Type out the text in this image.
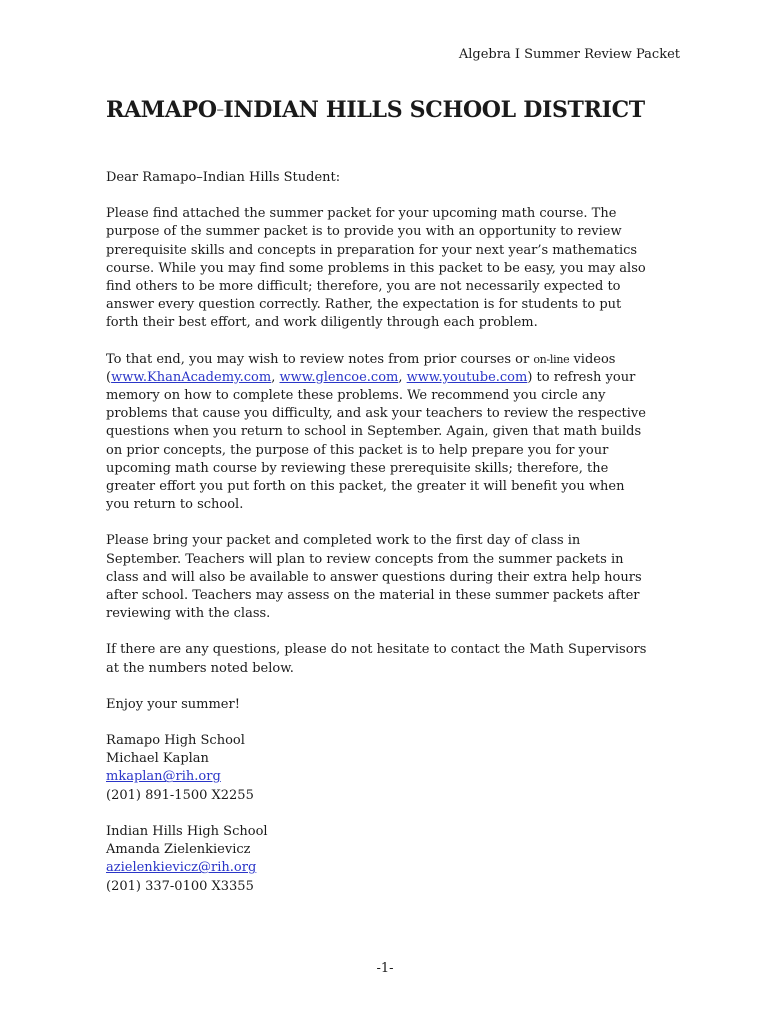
Algebra I Summer Review Packet
RAMAPO—INDIAN HILLS SCHOOL DISTRICT

Dear Ramapo–Indian Hills Student:

Please find attached the summer packet for your upcoming math course. The purpose of the summer packet is to provide you with an opportunity to review prerequisite skills and concepts in preparation for your next year’s mathematics course. While you may find some problems in this packet to be easy, you may also find others to be more difficult; therefore, you are not necessarily expected to answer every question correctly. Rather, the expectation is for students to put forth their best effort, and work diligently through each problem.

To that end, you may wish to review notes from prior courses or on-line videos
(www.KhanAcademy.com, www.glencoe.com, www.youtube.com) to refresh your memory on how to complete these problems. We recommend you circle any problems that cause you difficulty, and ask your teachers to review the respective questions when you return to school in September. Again, given that math builds on prior concepts, the purpose of this packet is to help prepare you for your upcoming math course by reviewing these prerequisite skills; therefore, the greater effort you put forth on this packet, the greater it will benefit you when you return to school.

Please bring your packet and completed work to the first day of class in September. Teachers will plan to review concepts from the summer packets in class and will also be available to answer questions during their extra help hours after school. Teachers may assess on the material in these summer packets after reviewing with the class.

If there are any questions, please do not hesitate to contact the Math Supervisors at the numbers noted below.

Enjoy your summer!

Ramapo High School
Michael Kaplan
mkaplan@rih.org
(201) 891-1500 X2255
Indian Hills High School
Amanda Zielenkievicz
azielenkievicz@rih.org
(201) 337-0100 X3355
-1-
